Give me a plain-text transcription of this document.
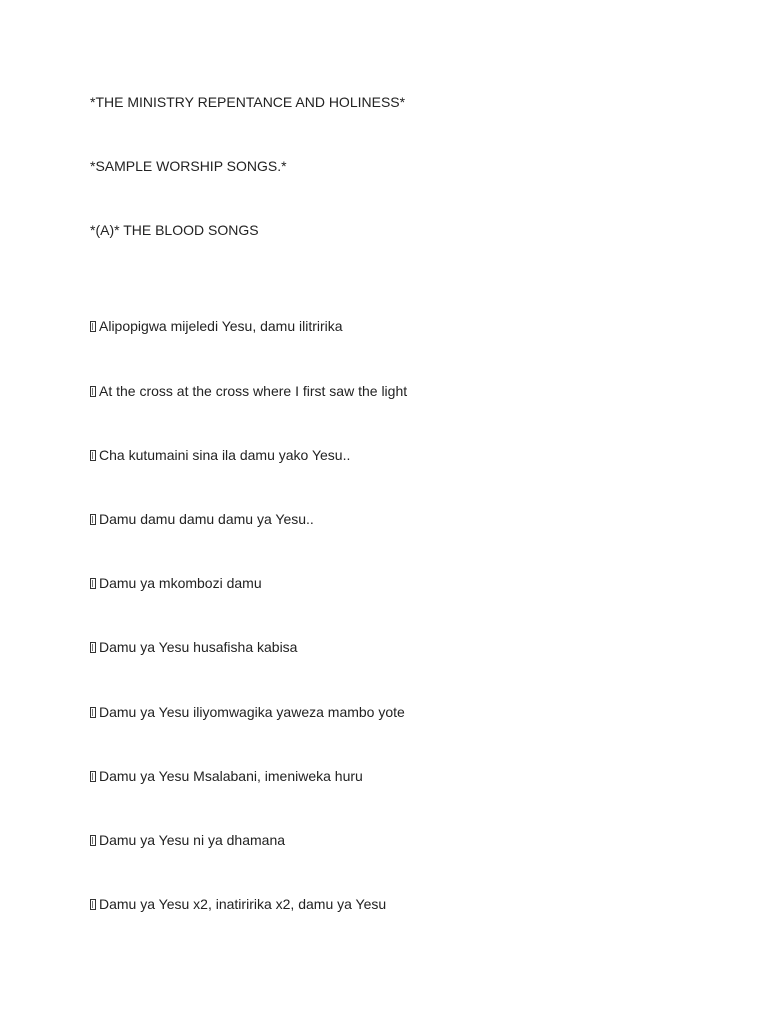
*THE MINISTRY REPENTANCE AND HOLINESS*
*SAMPLE WORSHIP SONGS.*
*(A)* THE BLOOD SONGS
Alipopigwa mijeledi Yesu, damu ilitririka
At the cross at the cross where I first saw the light
Cha kutumaini sina ila damu yako Yesu..
Damu damu damu damu ya Yesu..
Damu ya mkombozi damu
Damu ya Yesu husafisha kabisa
Damu ya Yesu iliyomwagika yaweza mambo yote
Damu ya Yesu Msalabani, imeniweka huru
Damu ya Yesu ni ya dhamana
Damu ya Yesu x2, inatiririka x2, damu ya Yesu
